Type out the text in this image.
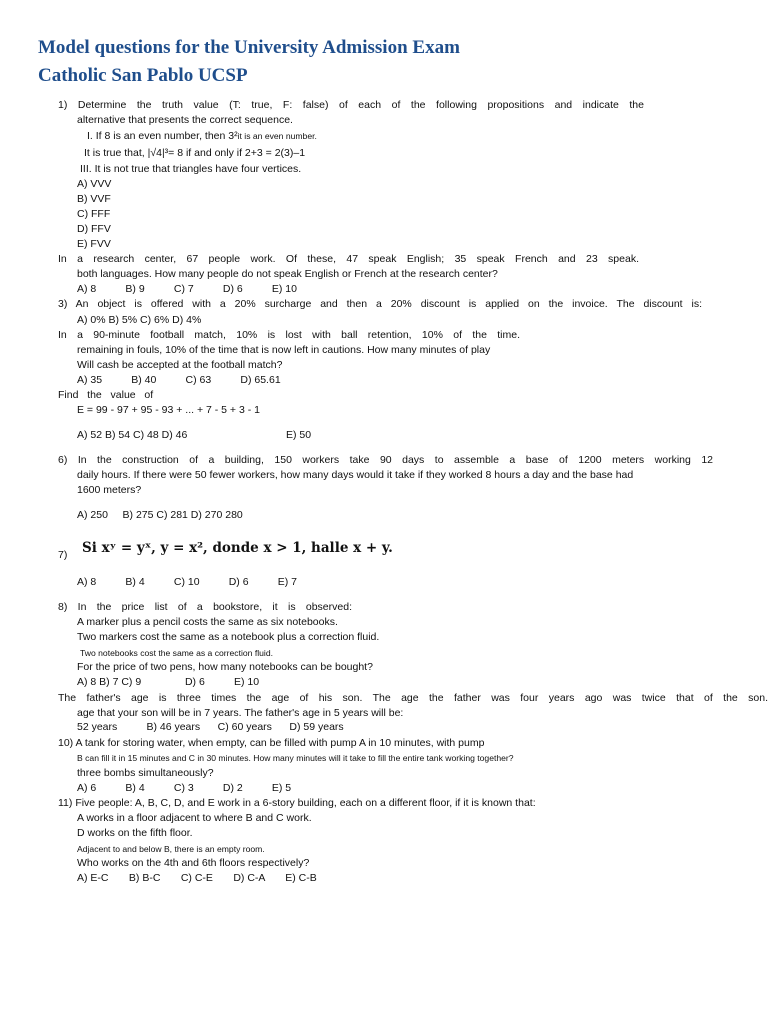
Model questions for the University Admission Exam
Catholic San Pablo UCSP

1) Determine the truth value (T: true, F: false) of each of the following propositions and indicate the

alternative that presents the correct sequence.

I. If 8 is an even number, then 3²it is an even number.

It is true that, |√4|³= 8 if and only if 2+3 = 2(3)–1

III. It is not true that triangles have four vertices.

A) VVV

B) VVF

C) FFF

D) FFV

E) FVV

In a research center, 67 people work. Of these, 47 speak English; 35 speak French and 23 speak.

both languages. How many people do not speak English or French at the research center?

A) 8          B) 9          C) 7          D) 6          E) 10

3) An object is offered with a 20% surcharge and then a 20% discount is applied on the invoice. The discount is:

A) 0% B) 5% C) 6% D) 4%

In a 90-minute football match, 10% is lost with ball retention, 10% of the time.

remaining in fouls, 10% of the time that is now left in cautions. How many minutes of play

Will cash be accepted at the football match?

A) 35          B) 40          C) 63          D) 65.61

Find   the   value   of

E = 99 - 97 + 95 - 93 + ... + 7 - 5 + 3 - 1

A) 52 B) 54 C) 48 D) 46	E) 50

6) In the construction of a building, 150 workers take 90 days to assemble a base of 1200 meters working 12

daily hours. If there were 50 fewer workers, how many days would it take if they worked 8 hours a day and the base had

1600 meters?

A) 250     B) 275 C) 281 D) 270 280

7) Si xʸ = yˣ, y = x², donde x > 1, halle x + y.

A) 8          B) 4          C) 10          D) 6          E) 7

8) In the price list of a bookstore, it is observed:

A marker plus a pencil costs the same as six notebooks.

Two markers cost the same as a notebook plus a correction fluid.

Two notebooks cost the same as a correction fluid.

For the price of two pens, how many notebooks can be bought?

A) 8 B) 7 C) 9               D) 6          E) 10

The father's age is three times the age of his son. The age the father was four years ago was twice that of the son.

age that your son will be in 7 years. The father's age in 5 years will be:

52 years          B) 46 years      C) 60 years      D) 59 years

10) A tank for storing water, when empty, can be filled with pump A in 10 minutes, with pump

B can fill it in 15 minutes and C in 30 minutes. How many minutes will it take to fill the entire tank working together?

three bombs simultaneously?

A) 6          B) 4          C) 3          D) 2          E) 5

11) Five people: A, B, C, D, and E work in a 6-story building, each on a different floor, if it is known that:

A works in a floor adjacent to where B and C work.

D works on the fifth floor.

Adjacent to and below B, there is an empty room.

Who works on the 4th and 6th floors respectively?

A) E-C       B) B-C       C) C-E       D) C-A       E) C-B
